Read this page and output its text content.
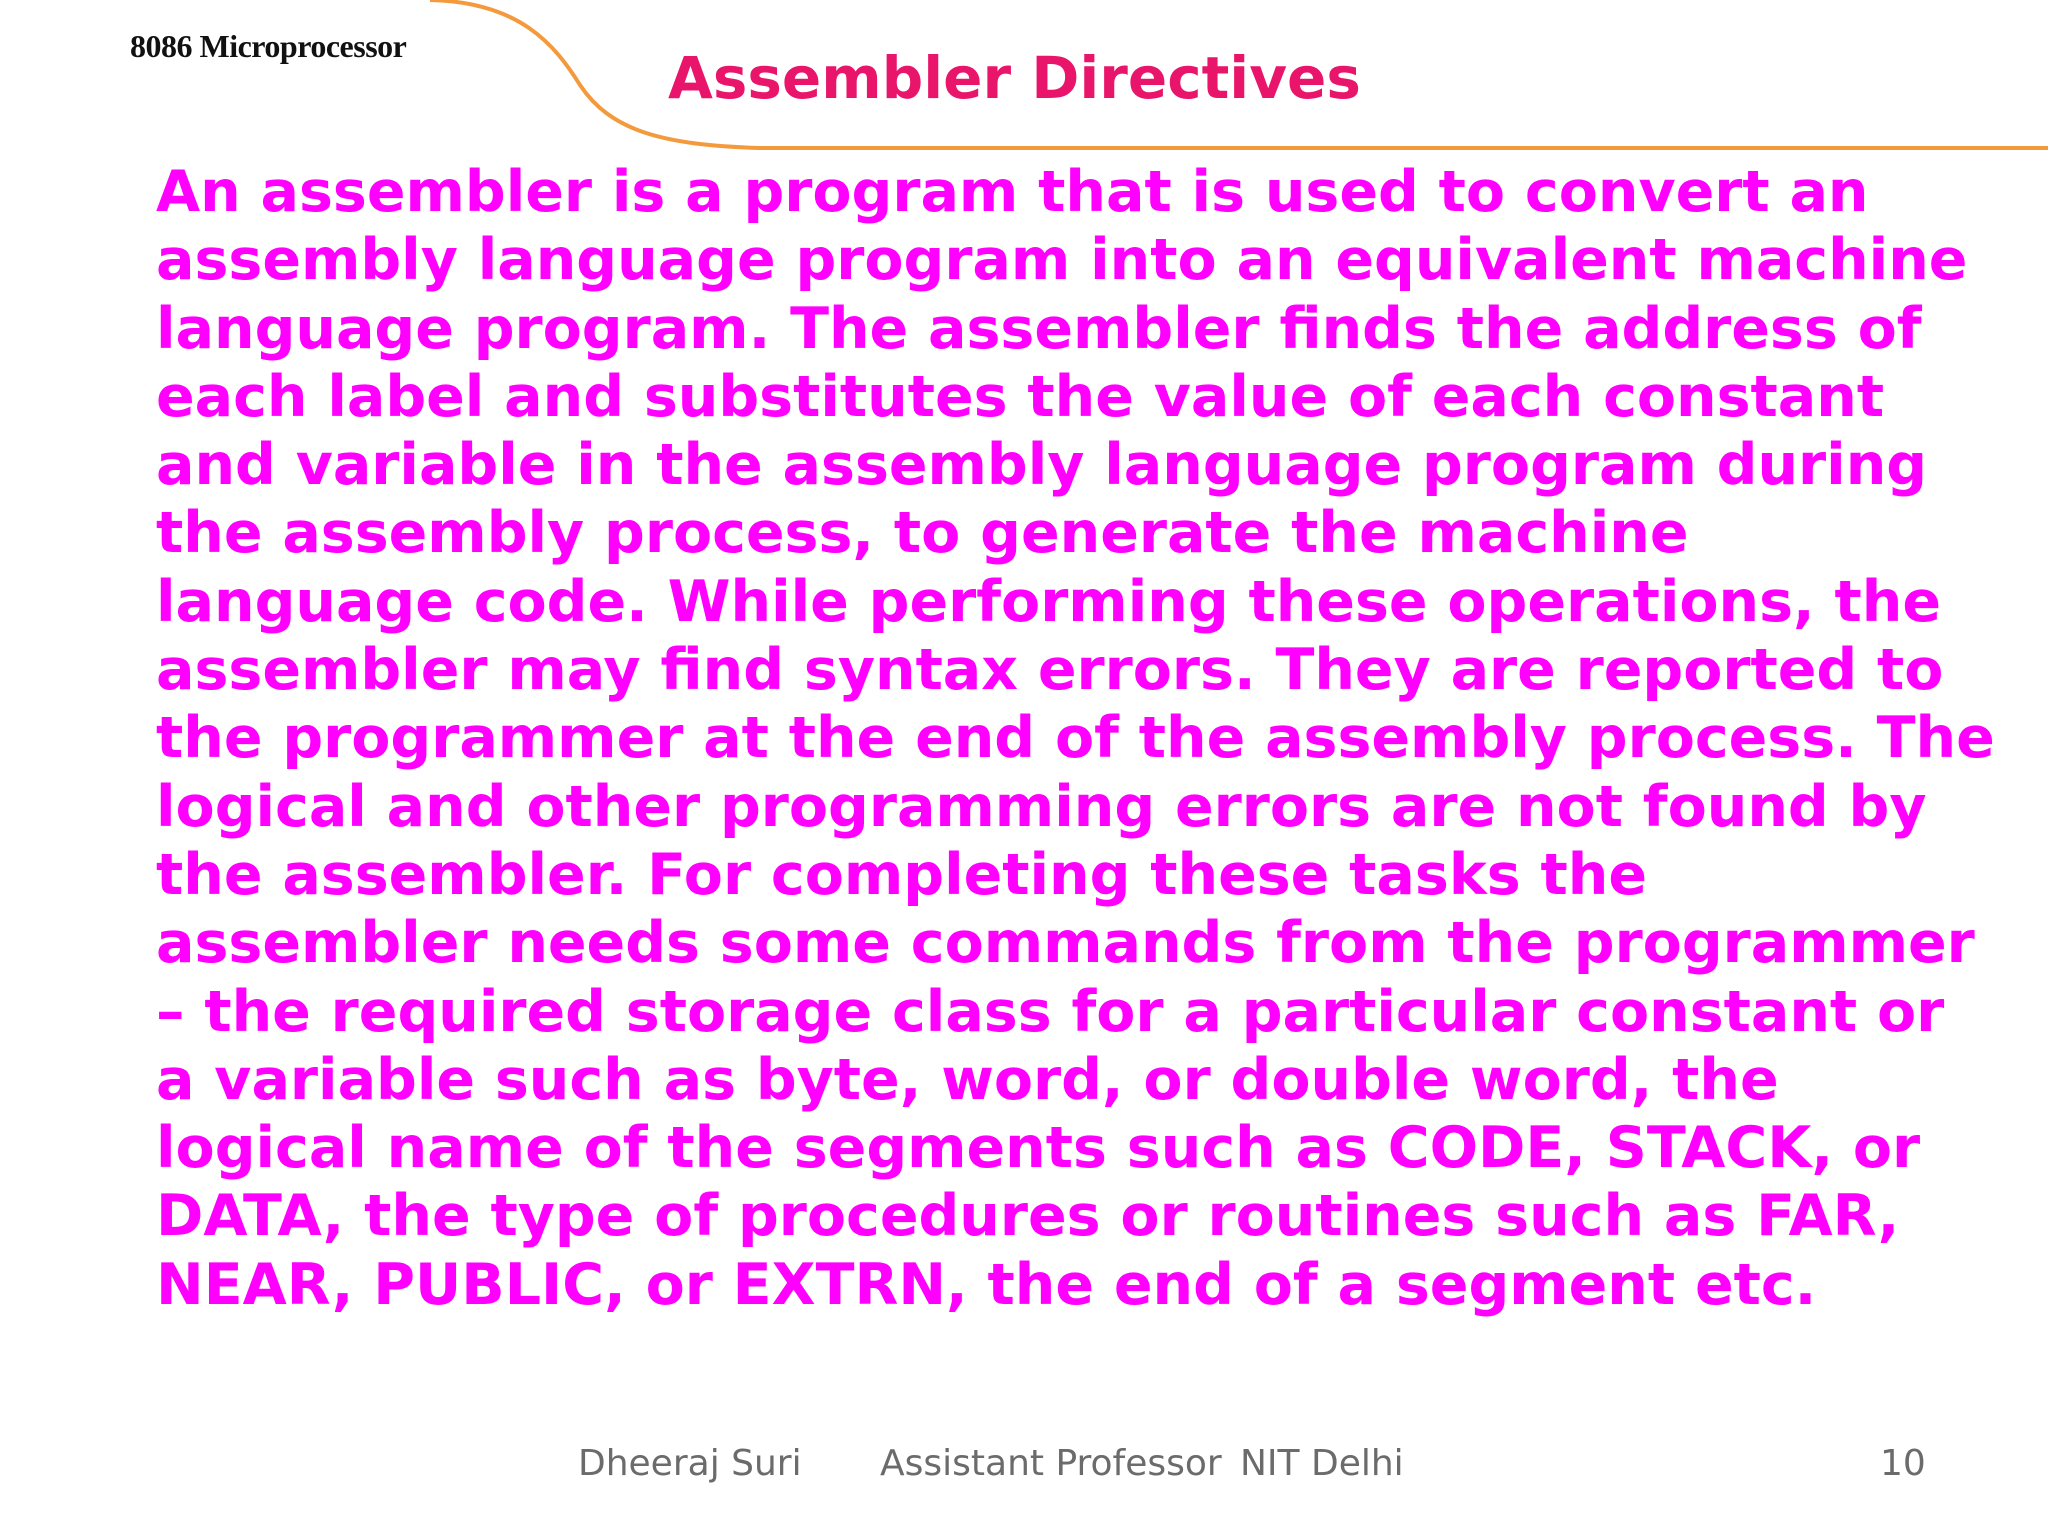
8086 Microprocessor	Assembler Directives
An assembler is a program that is used to convert an
assembly language program into an equivalent machine
language program. The assembler finds the address of
each label and substitutes the value of each constant
and variable in the assembly language program during
the assembly process, to generate the machine
language code. While performing these operations, the
assembler may find syntax errors. They are reported to
the programmer at the end of the assembly process. The
logical and other programming errors are not found by
the assembler. For completing these tasks the
assembler needs some commands from the programmer
– the required storage class for a particular constant or
a variable such as byte, word, or double word, the
logical name of the segments such as CODE, STACK, or
DATA, the type of procedures or routines such as FAR,
NEAR, PUBLIC, or EXTRN, the end of a segment etc.
Dheeraj Suri Assistant Professor NIT Delhi	10
